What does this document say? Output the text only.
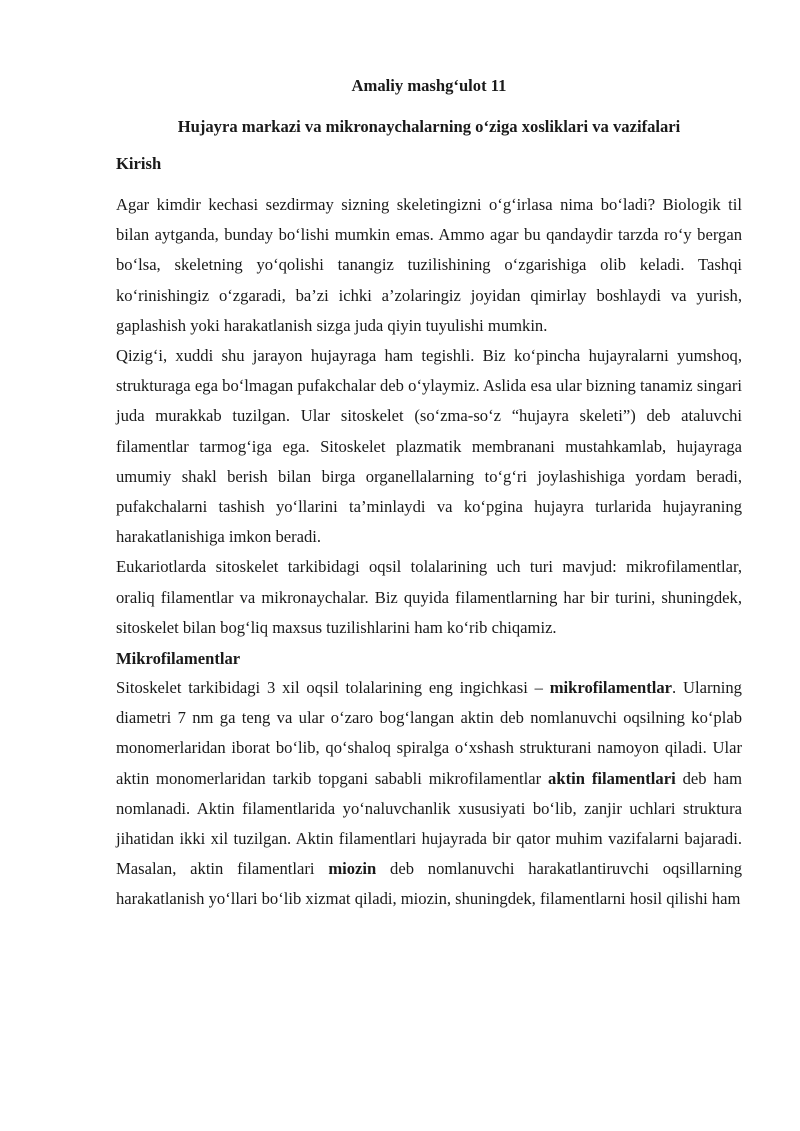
Amaliy mashg‘ulot 11

Hujayra markazi va mikronaychalarning o‘ziga xosliklari va vazifalari

Kirish

Agar kimdir kechasi sezdirmay sizning skeletingizni o‘g‘irlasa nima bo‘ladi? Biologik til bilan aytganda, bunday bo‘lishi mumkin emas. Ammo agar bu qandaydir tarzda ro‘y bergan bo‘lsa, skeletning yo‘qolishi tanangiz tuzilishining o‘zgarishiga olib keladi. Tashqi ko‘rinishingiz o‘zgaradi, ba’zi ichki a’zolaringiz joyidan qimirlay boshlaydi va yurish, gaplashish yoki harakatlanish sizga juda qiyin tuyulishi mumkin.

Qizig‘i, xuddi shu jarayon hujayraga ham tegishli. Biz ko‘pincha hujayralarni yumshoq, strukturaga ega bo‘lmagan pufakchalar deb o‘ylaymiz. Aslida esa ular bizning tanamiz singari juda murakkab tuzilgan. Ular sitoskelet (so‘zma-so‘z “hujayra skeleti”) deb ataluvchi filamentlar tarmog‘iga ega. Sitoskelet plazmatik membranani mustahkamlab, hujayraga umumiy shakl berish bilan birga organellalarning to‘g‘ri joylashishiga yordam beradi, pufakchalarni tashish yo‘llarini ta’minlaydi va ko‘pgina hujayra turlarida hujayraning harakatlanishiga imkon beradi.

Eukariotlarda sitoskelet tarkibidagi oqsil tolalarining uch turi mavjud: mikrofilamentlar, oraliq filamentlar va mikronaychalar. Biz quyida filamentlarning har bir turini, shuningdek, sitoskelet bilan bog‘liq maxsus tuzilishlarini ham ko‘rib chiqamiz.

Mikrofilamentlar

Sitoskelet tarkibidagi 3 xil oqsil tolalarining eng ingichkasi – mikrofilamentlar. Ularning diametri 7 nm ga teng va ular o‘zaro bog‘langan aktin deb nomlanuvchi oqsilning ko‘plab monomerlaridan iborat bo‘lib, qo‘shaloq spiralga o‘xshash strukturani namoyon qiladi. Ular aktin monomerlaridan tarkib topgani sababli mikrofilamentlar aktin filamentlari deb ham nomlanadi. Aktin filamentlarida yo‘naluvchanlik xususiyati bo‘lib, zanjir uchlari struktura jihatidan ikki xil tuzilgan. Aktin filamentlari hujayrada bir qator muhim vazifalarni bajaradi. Masalan, aktin filamentlari miozin deb nomlanuvchi harakatlantiruvchi oqsillarning harakatlanish yo‘llari bo‘lib xizmat qiladi, miozin, shuningdek, filamentlarni hosil qilishi ham
